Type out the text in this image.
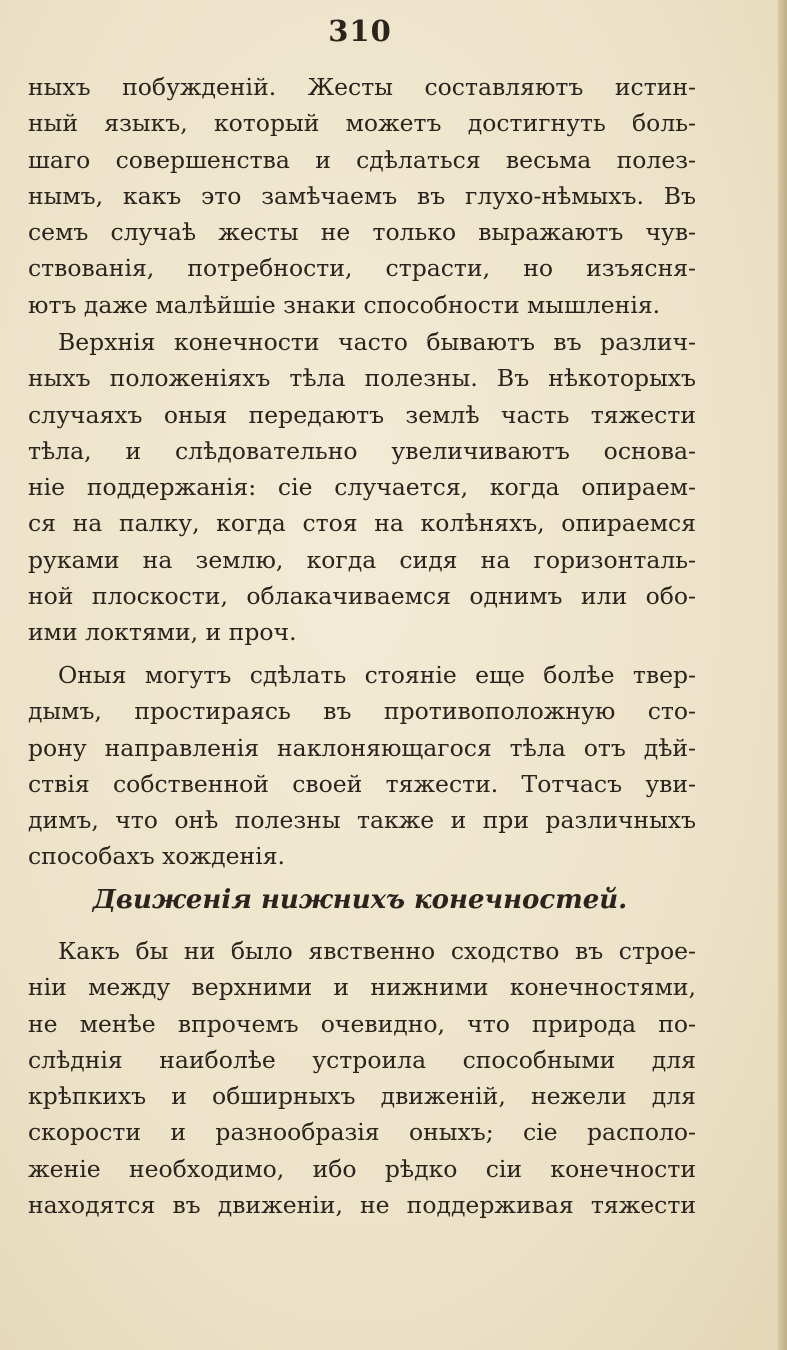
310
ныхъ побужденій. Жесты составляютъ истин-
ный языкъ, который можетъ достигнуть боль-
шаго совершенства и сдѣлаться весьма полез-
нымъ, какъ это замѣчаемъ въ глухо-нѣмыхъ. Въ
семъ случаѣ жесты не только выражаютъ чув-
ствованія, потребности, страсти, но изъясня-
ютъ даже малѣйшіе знаки способности мышленія.
Верхнія конечности часто бываютъ въ различ-
ныхъ положеніяхъ тѣла полезны. Въ нѣкоторыхъ
случаяхъ оныя передаютъ землѣ часть тяжести
тѣла, и слѣдовательно увеличиваютъ основа-
ніе поддержанія: сіе случается, когда опираем-
ся на палку, когда стоя на колѣняхъ, опираемся
руками на землю, когда сидя на горизонталь-
ной плоскости, облакачиваемся однимъ или обо-
ими локтями, и проч.
Оныя могутъ сдѣлать стояніе еще болѣе твер-
дымъ, простираясь въ противоположную сто-
рону направленія наклоняющагося тѣла отъ дѣй-
ствія собственной своей тяжести. Тотчасъ уви-
димъ, что онѣ полезны также и при различныхъ
способахъ хожденія.
Движенія нижнихъ конечностей.
Какъ бы ни было явственно сходство въ строе-
ніи между верхними и нижними конечностями,
не менѣе впрочемъ очевидно, что природа по-
слѣднія наиболѣе устроила способными для
крѣпкихъ и обширныхъ движеній, нежели для
скорости и разнообразія оныхъ; сіе располо-
женіе необходимо, ибо рѣдко сіи конечности
находятся въ движеніи, не поддерживая тяжести
